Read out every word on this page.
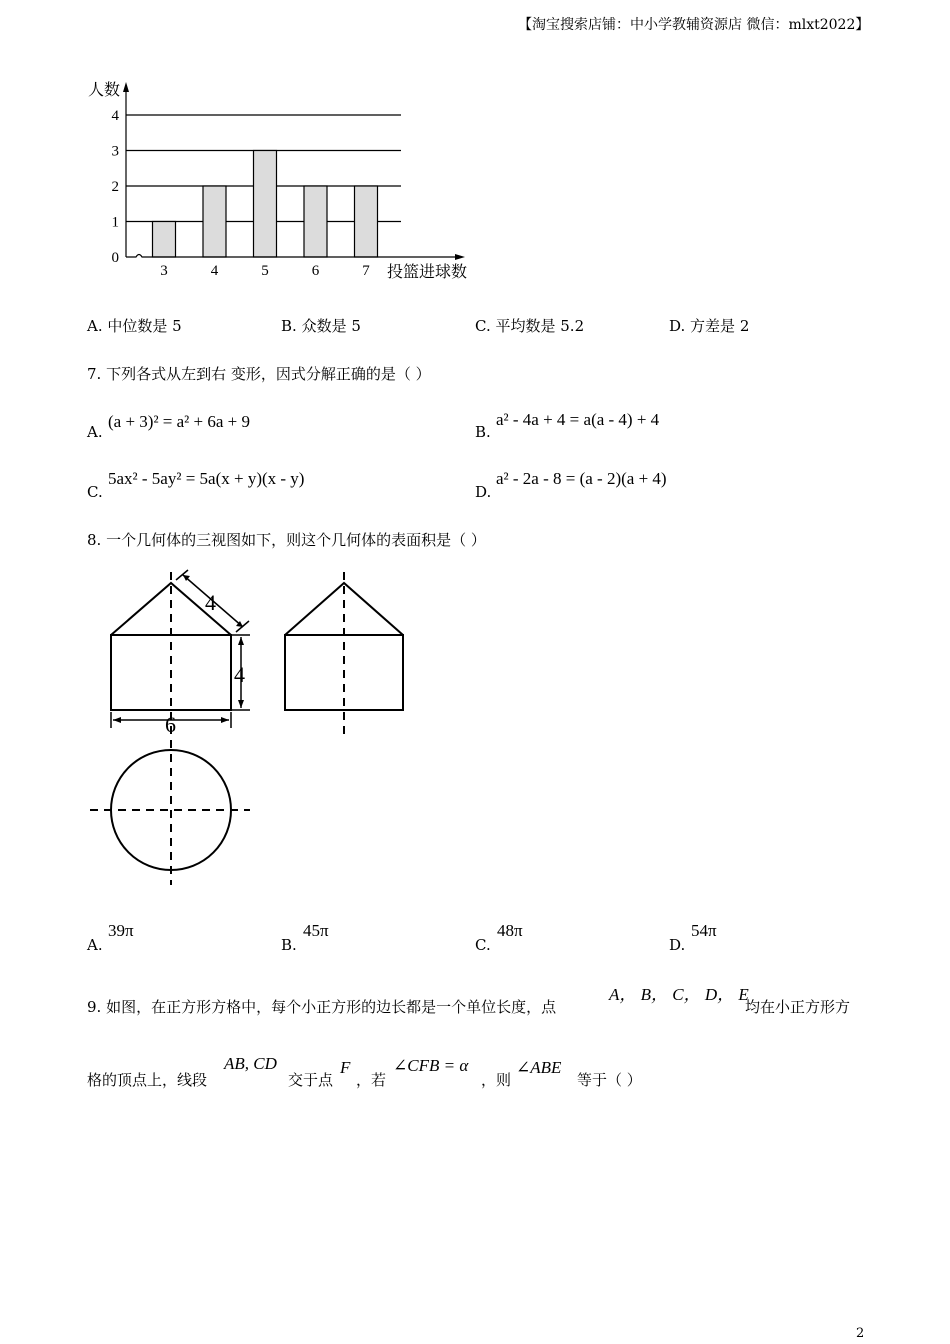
【淘宝搜索店铺：中小学教辅资源店 微信：mlxt2022】
3	4	5	6	7
0
1
2
3
4
人数
投篮进球数
A. 中位数是 5	B. 众数是 5	C. 平均数是 5.2	D. 方差是 2
7. 下列各式从左到右 变形，因式分解正确的是（ ）
A.
(a + 3)² = a² + 6a + 9
B.
a² - 4a + 4 = a(a - 4) + 4
C.
5ax² - 5ay² = 5a(x + y)(x - y)
D.
a² - 2a - 8 = (a - 2)(a + 4)
8. 一个几何体的三视图如下，则这个几何体的表面积是（ ）
4
4
6
A.
39π
B.
45π
C.
48π
D.
54π
9. 如图，在正方形方格中，每个小正方形的边长都是一个单位长度，点
A， B， C， D， E
均在小正方形方
格的顶点上，线段
AB, CD
交于点
F
，若
∠CFB = α
，则
∠ABE
等于（ ）
2
